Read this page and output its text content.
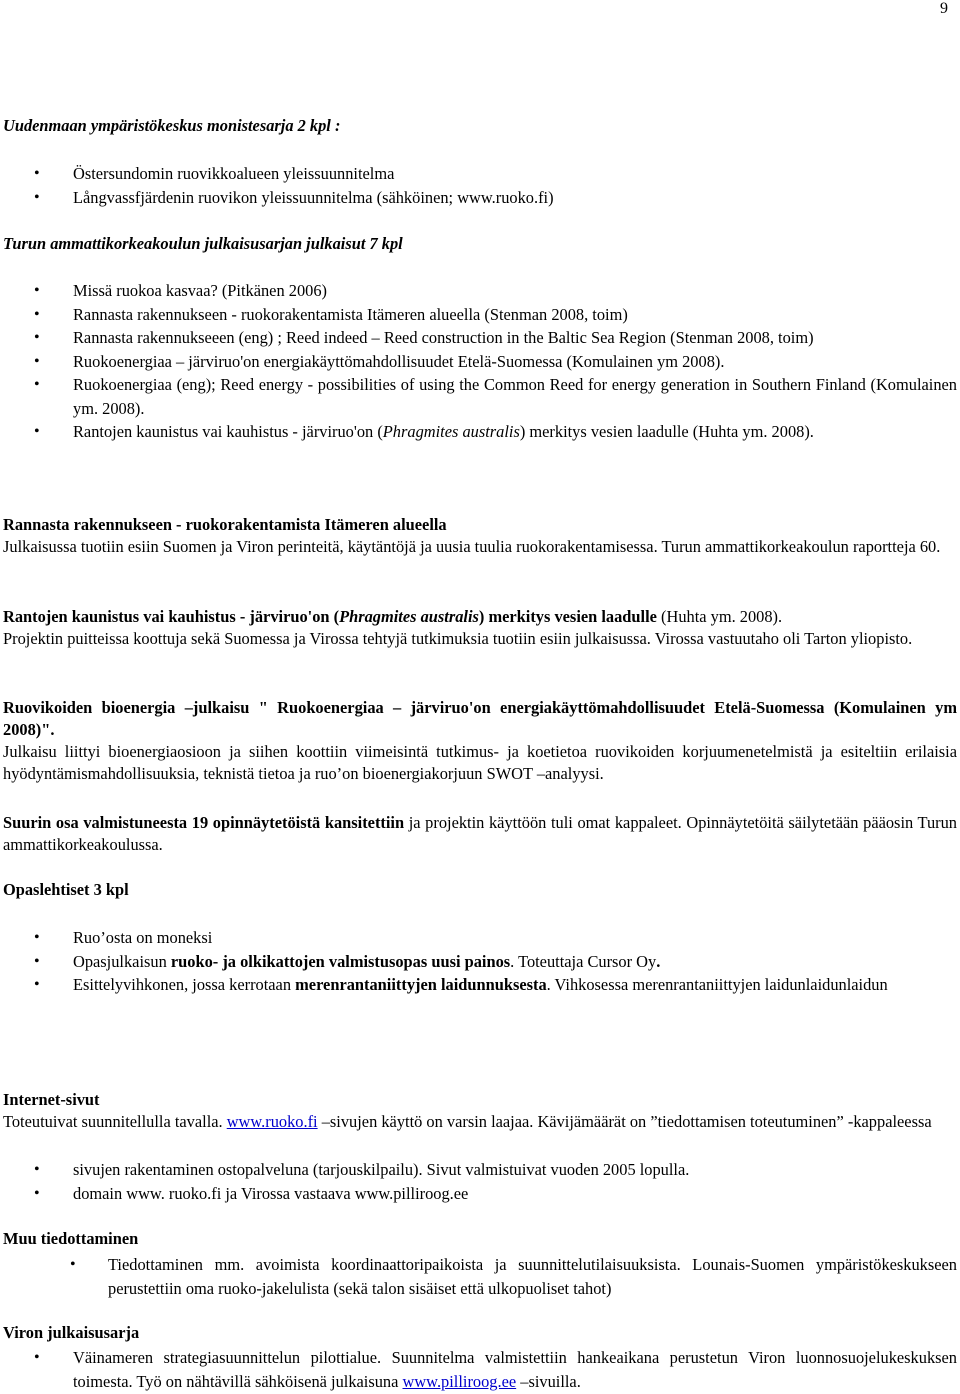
9

Uudenmaan ympäristökeskus monistesarja 2 kpl :

• Östersundomin ruovikkoalueen yleissuunnitelma
• Långvassfjärdenin ruovikon yleissuunnitelma (sähköinen; www.ruoko.fi)

Turun ammattikorkeakoulun julkaisusarjan julkaisut 7 kpl

• Missä ruokoa kasvaa? (Pitkänen 2006)
• Rannasta rakennukseen - ruokorakentamista Itämeren alueella (Stenman 2008, toim)
• Rannasta rakennukseeen (eng) ; Reed indeed – Reed construction in the Baltic Sea Region (Stenman 2008, toim)
• Ruokoenergiaa – järviruo'on energiakäyttömahdollisuudet Etelä-Suomessa (Komulainen ym 2008).
• Ruokoenergiaa (eng); Reed energy - possibilities of using the Common Reed for energy generation in Southern Finland (Komulainen ym. 2008).
• Rantojen kaunistus vai kauhistus - järviruo'on (Phragmites australis) merkitys vesien laadulle (Huhta ym. 2008).
Rannasta rakennukseen - ruokorakentamista Itämeren alueella
Julkaisussa tuotiin esiin Suomen ja Viron perinteitä, käytäntöjä ja uusia tuulia ruokorakentamisessa. Turun ammattikorkeakoulun raportteja 60.
Rantojen kaunistus vai kauhistus - järviruo'on (Phragmites australis) merkitys vesien laadulle (Huhta ym. 2008).
Projektin puitteissa koottuja sekä Suomessa ja Virossa tehtyjä tutkimuksia tuotiin esiin julkaisussa. Virossa vastuutaho oli Tarton yliopisto.
Ruovikoiden bioenergia –julkaisu " Ruokoenergiaa – järviruo'on energiakäyttömahdollisuudet Etelä-Suomessa (Komulainen ym 2008)".
Julkaisu liittyi bioenergiaosioon ja siihen koottiin viimeisintä tutkimus- ja koetietoa ruovikoiden korjuumenetelmistä ja esiteltiin erilaisia hyödyntämismahdollisuuksia, teknistä tietoa ja ruo’on bioenergiakorjuun SWOT –analyysi.
Suurin osa valmistuneesta 19 opinnäytetöistä kansitettiin ja projektin käyttöön tuli omat kappaleet. Opinnäytetöitä säilytetään pääosin Turun ammattikorkeakoulussa.

Opaslehtiset 3 kpl

• Ruo’osta on moneksi
• Opasjulkaisun ruoko- ja olkikattojen valmistusopas uusi painos. Toteuttaja Cursor Oy.
• Esittelyvihkonen, jossa kerrotaan merenrantaniittyjen laidunnuksesta. Vihkosessa merenrantaniittyjen laidunlaidunlaidun
Internet-sivut
Toteutuivat suunnitellulla tavalla. www.ruoko.fi –sivujen käyttö on varsin laajaa. Kävijämäärät on ”tiedottamisen toteutuminen” -kappaleessa
• sivujen rakentaminen ostopalveluna (tarjouskilpailu). Sivut valmistuivat vuoden 2005 lopulla.
• domain www. ruoko.fi ja Virossa vastaava www.pilliroog.ee

Muu tiedottaminen

• Tiedottaminen mm. avoimista koordinaattoripaikoista ja suunnittelutilaisuuksista. Lounais-Suomen ympäristökeskukseen perustettiin oma ruoko-jakelulista (sekä talon sisäiset että ulkopuoliset tahot)

Viron julkaisusarja

• Väinameren strategiasuunnittelun pilottialue. Suunnitelma valmistettiin hankeaikana perustetun Viron luonnosuojelukeskuksen toimesta. Työ on nähtävillä sähköisenä julkaisuna www.pilliroog.ee –sivuilla.
